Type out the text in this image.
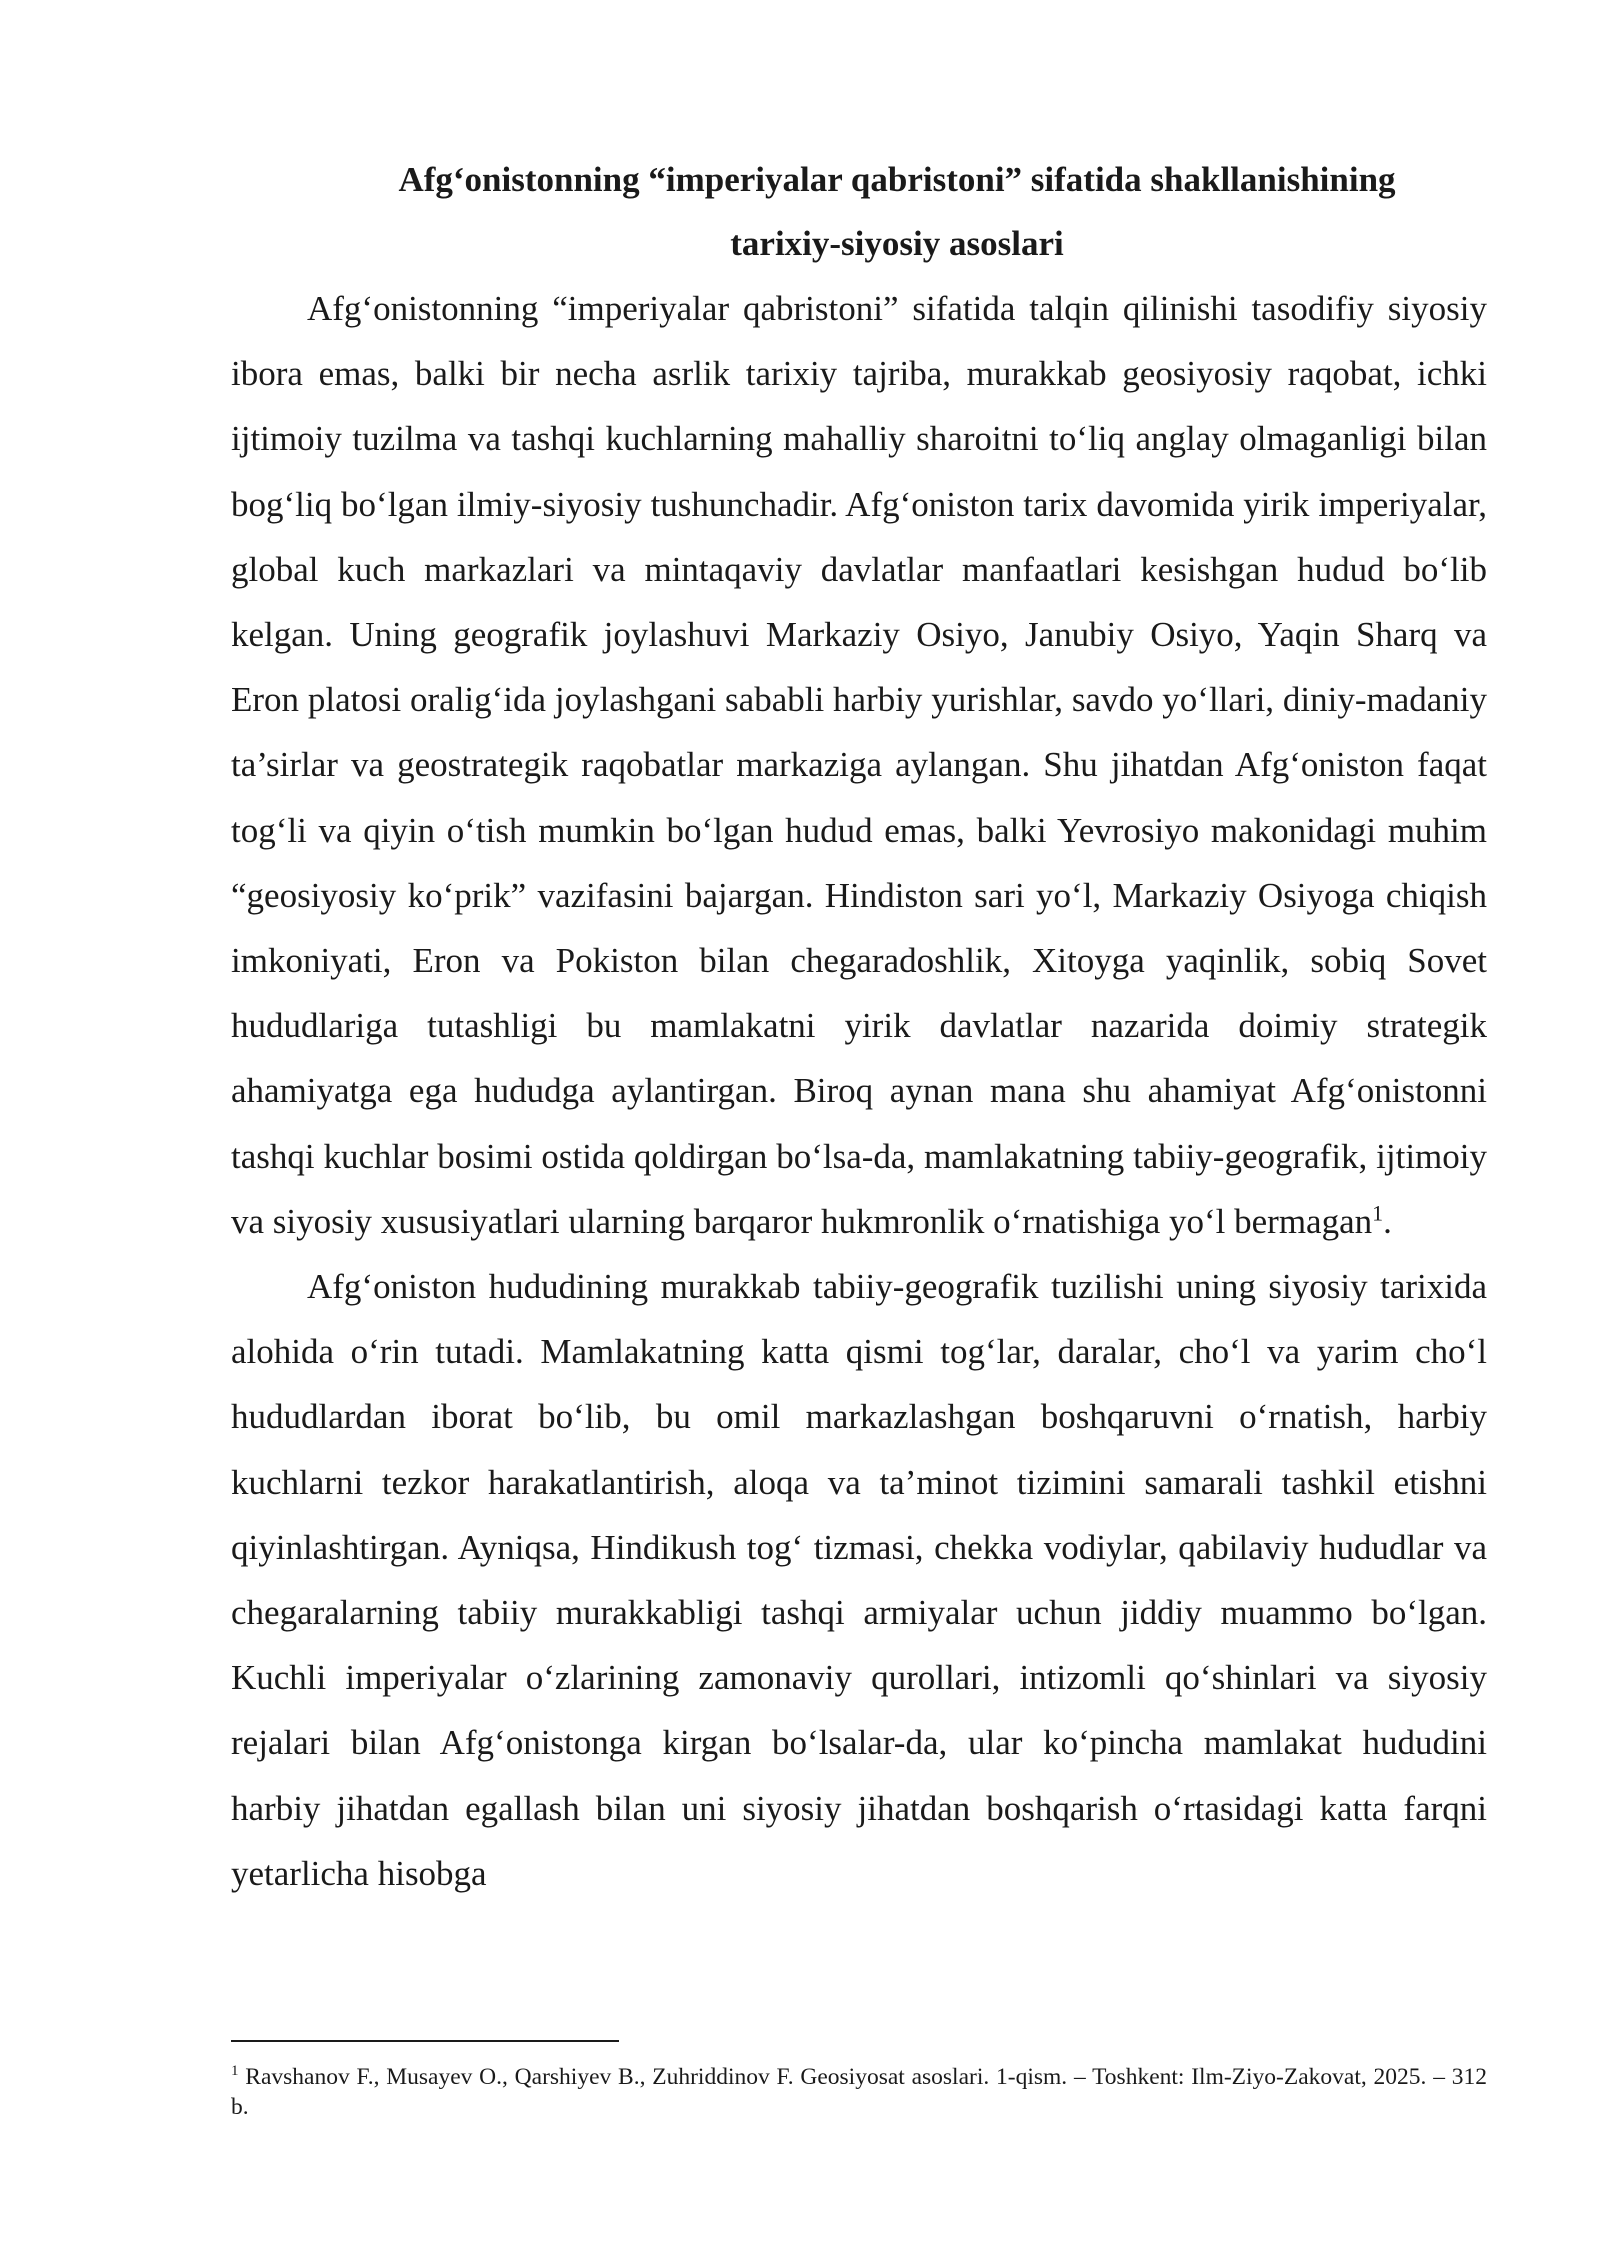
Afg‘onistonning “imperiyalar qabristoni” sifatida shakllanishining
tarixiy-siyosiy asoslari

Afg‘onistonning “imperiyalar qabristoni” sifatida talqin qilinishi tasodifiy siyosiy ibora emas, balki bir necha asrlik tarixiy tajriba, murakkab geosiyosiy raqobat, ichki ijtimoiy tuzilma va tashqi kuchlarning mahalliy sharoitni to‘liq anglay olmaganligi bilan bog‘liq bo‘lgan ilmiy-siyosiy tushunchadir. Afg‘oniston tarix davomida yirik imperiyalar, global kuch markazlari va mintaqaviy davlatlar manfaatlari kesishgan hudud bo‘lib kelgan. Uning geografik joylashuvi Markaziy Osiyo, Janubiy Osiyo, Yaqin Sharq va Eron platosi oralig‘ida joylashgani sababli harbiy yurishlar, savdo yo‘llari, diniy-madaniy ta’sirlar va geostrategik raqobatlar markaziga aylangan. Shu jihatdan Afg‘oniston faqat tog‘li va qiyin o‘tish mumkin bo‘lgan hudud emas, balki Yevrosiyo makonidagi muhim “geosiyosiy ko‘prik” vazifasini bajargan. Hindiston sari yo‘l, Markaziy Osiyoga chiqish imkoniyati, Eron va Pokiston bilan chegaradoshlik, Xitoyga yaqinlik, sobiq Sovet hududlariga tutashligi bu mamlakatni yirik davlatlar nazarida doimiy strategik ahamiyatga ega hududga aylantirgan. Biroq aynan mana shu ahamiyat Afg‘onistonni tashqi kuchlar bosimi ostida qoldirgan bo‘lsa-da, mamlakatning tabiiy-geografik, ijtimoiy va siyosiy xususiyatlari ularning barqaror hukmronlik o‘rnatishiga yo‘l bermagan$^1$.

Afg‘oniston hududining murakkab tabiiy-geografik tuzilishi uning siyosiy tarixida alohida o‘rin tutadi. Mamlakatning katta qismi tog‘lar, daralar, cho‘l va yarim cho‘l hududlardan iborat bo‘lib, bu omil markazlashgan boshqaruvni o‘rnatish, harbiy kuchlarni tezkor harakatlantirish, aloqa va ta’minot tizimini samarali tashkil etishni qiyinlashtirgan. Ayniqsa, Hindikush tog‘ tizmasi, chekka vodiylar, qabilaviy hududlar va chegaralarning tabiiy murakkabligi tashqi armiyalar uchun jiddiy muammo bo‘lgan. Kuchli imperiyalar o‘zlarining zamonaviy qurollari, intizomli qo‘shinlari va siyosiy rejalari bilan Afg‘onistonga kirgan bo‘lsalar-da, ular ko‘pincha mamlakat hududini harbiy jihatdan egallash bilan uni siyosiy jihatdan boshqarish o‘rtasidagi katta farqni yetarlicha hisobga

$^1$ Ravshanov F., Musayev O., Qarshiyev B., Zuhriddinov F. Geosiyosat asoslari. 1-qism. – Toshkent: Ilm-Ziyo-Zakovat, 2025. – 312 b.
